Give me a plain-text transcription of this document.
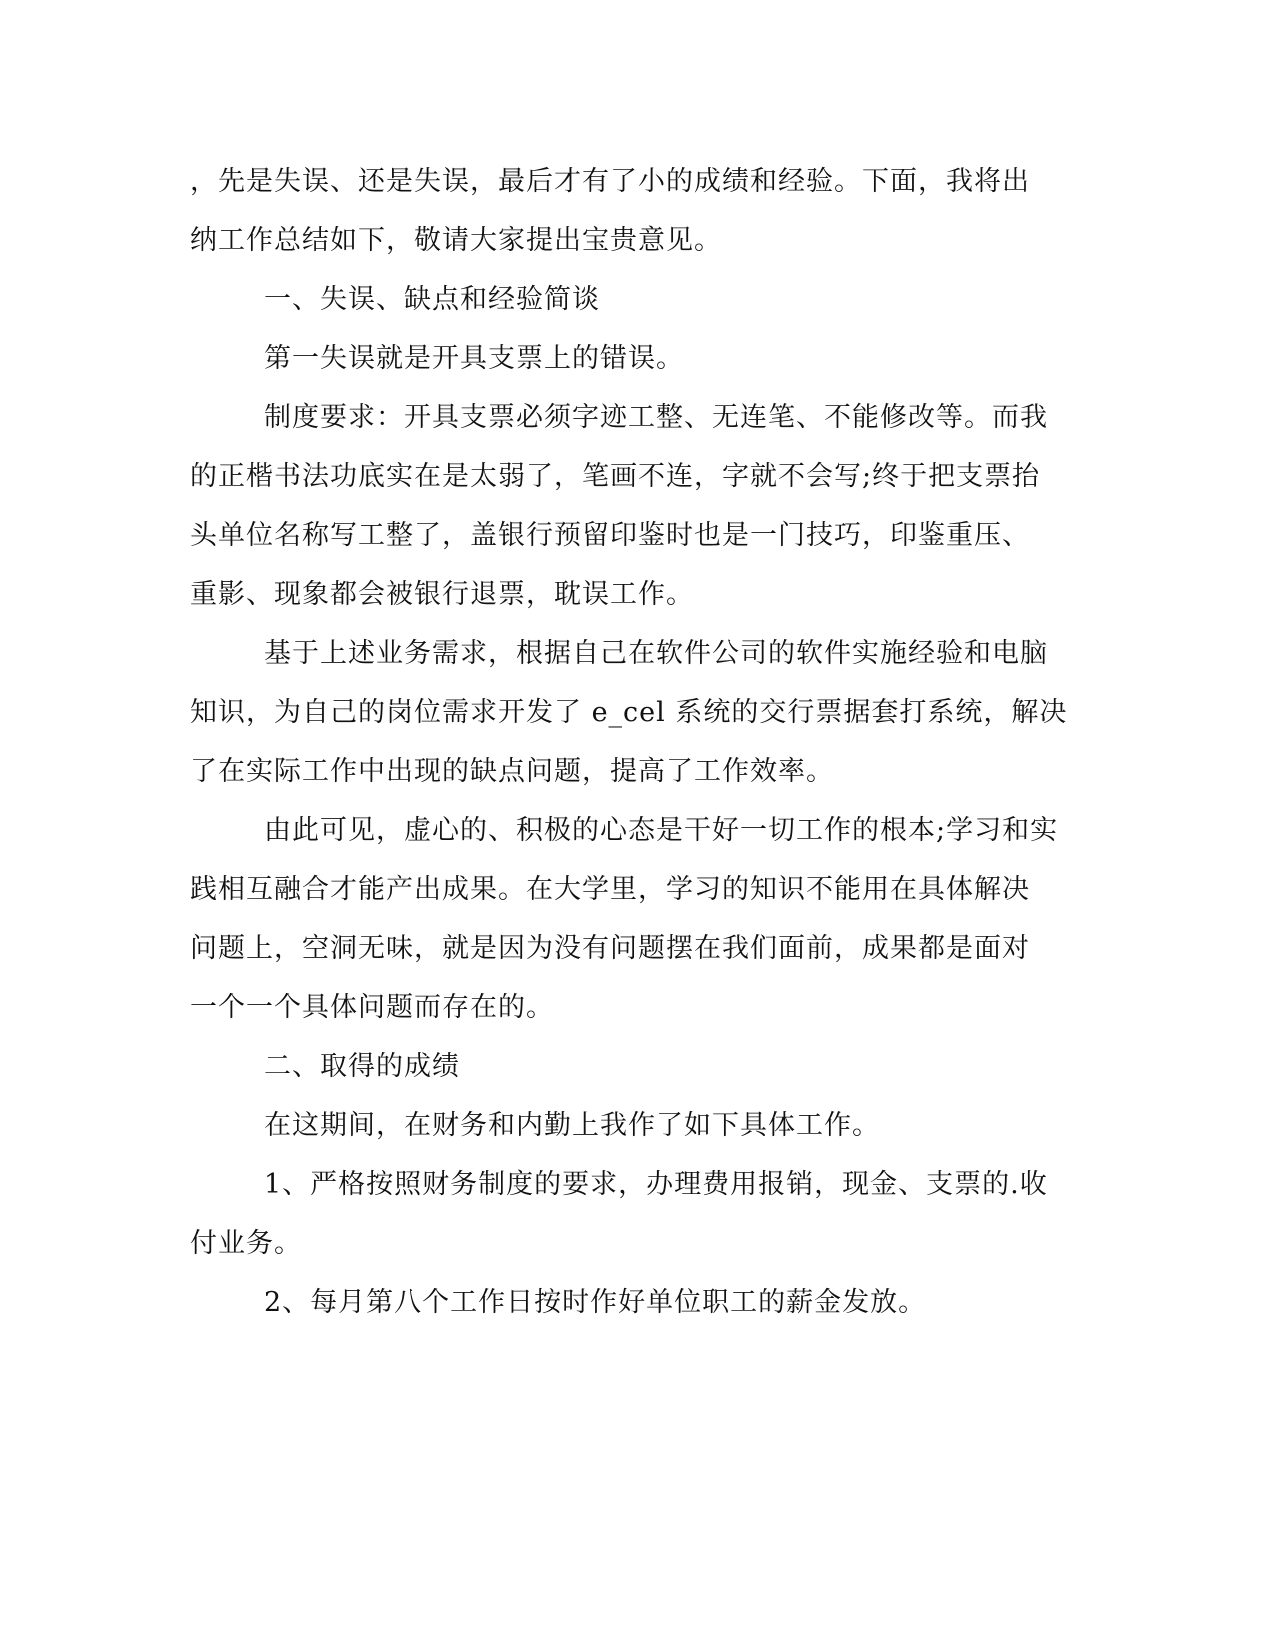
，先是失误、还是失误，最后才有了小的成绩和经验。下面，我将出
纳工作总结如下，敬请大家提出宝贵意见。
一、失误、缺点和经验简谈
第一失误就是开具支票上的错误。
制度要求：开具支票必须字迹工整、无连笔、不能修改等。而我
的正楷书法功底实在是太弱了，笔画不连，字就不会写;终于把支票抬
头单位名称写工整了，盖银行预留印鉴时也是一门技巧，印鉴重压、
重影、现象都会被银行退票，耽误工作。
基于上述业务需求，根据自己在软件公司的软件实施经验和电脑
知识，为自己的岗位需求开发了 e_cel 系统的交行票据套打系统，解决
了在实际工作中出现的缺点问题，提高了工作效率。
由此可见，虚心的、积极的心态是干好一切工作的根本;学习和实
践相互融合才能产出成果。在大学里，学习的知识不能用在具体解决
问题上，空洞无味，就是因为没有问题摆在我们面前，成果都是面对
一个一个具体问题而存在的。
二、取得的成绩
在这期间，在财务和内勤上我作了如下具体工作。
1、严格按照财务制度的要求，办理费用报销，现金、支票的.收
付业务。
2、每月第八个工作日按时作好单位职工的薪金发放。
